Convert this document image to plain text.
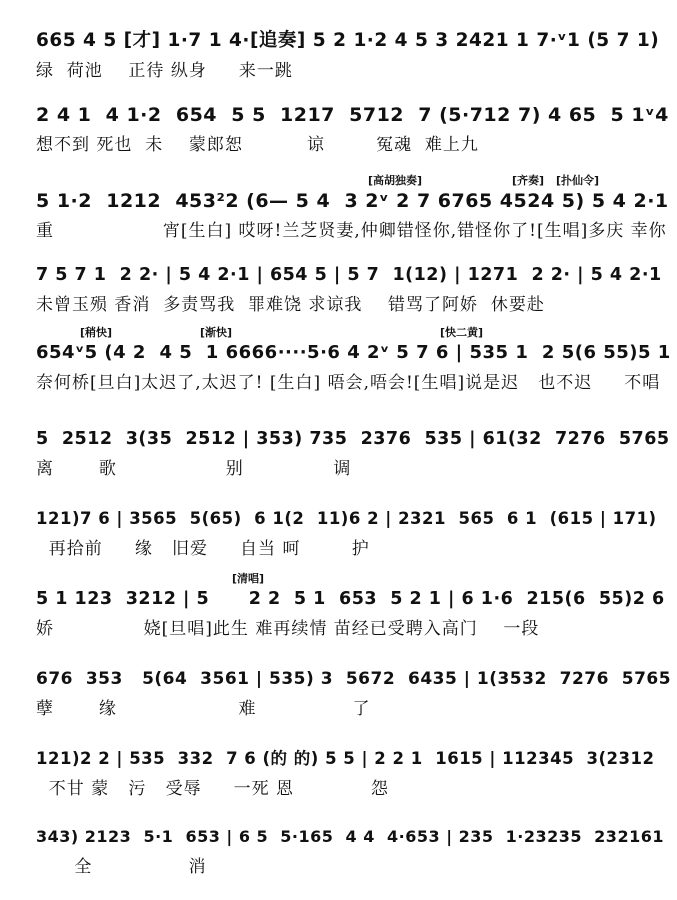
665 4 5 [才] 1·7 1 4·[追奏] 5 2 1·2 4 5 3 2421 1 7·ᵛ1 (5 7 1)
绿  荷池    正待 纵身     来一跳
2 4 1  4 1·2  654  5 5  1217  5712  7 (5·712 7) 4 65  5 1ᵛ4
想不到 死也  未    蒙郎恕          谅        冤魂  难上九
[高胡独奏]	[齐奏] [扑仙令]
5 1·2  1212  453²2 (6— 5 4  3 2ᵛ 2 7 6765 4524 5) 5 4 2·1
重                 宵[生白] 哎呀!兰芝贤妻,仲卿错怪你,错怪你了![生唱]多庆 幸你
7 5 7 1  2 2· | 5 4 2·1 | 654 5 | 5 7  1(12) | 1271  2 2· | 5 4 2·1
未曾玉殒 香消  多责骂我  罪难饶 求谅我    错骂了阿娇  休要赴
[稍快]	[渐快]	[快二黄]
654ᵛ5 (4 2  4 5  1 6666····5·6 4 2ᵛ 5 7 6 | 535 1  2 5(6 55)5 1
奈何桥[旦白]太迟了,太迟了! [生白] 唔会,唔会![生唱]说是迟   也不迟     不唱
5  2512  3(35  2512 | 353) 735  2376  535 | 61(32  7276  5765
离       歌                 别              调
121)7 6 | 3565  5(65)  6 1(2  11)6 2 | 2321  565  6 1  (615 | 171)
再拾前     缘   旧爱     自当 呵        护
[清唱]
5 1 123  3212 | 5      2 2  5 1  653  5 2 1 | 6 1·6  215(6  55)2 6
娇              娆[旦唱]此生 难再续情 苗经已受聘入高门    一段
676  353   5(64  3561 | 535) 3  5672  6435 | 1(3532  7276  5765
孽       缘                   难               了
121)2 2 | 535  332  7 6 (的 的) 5 5 | 2 2 1  1615 | 112345  3(2312
不甘 蒙   污   受辱     一死 恩            怨
343) 2123  5·1  653 | 6 5  5·165  4 4  4·653 | 235  1·23235  232161
全               消
